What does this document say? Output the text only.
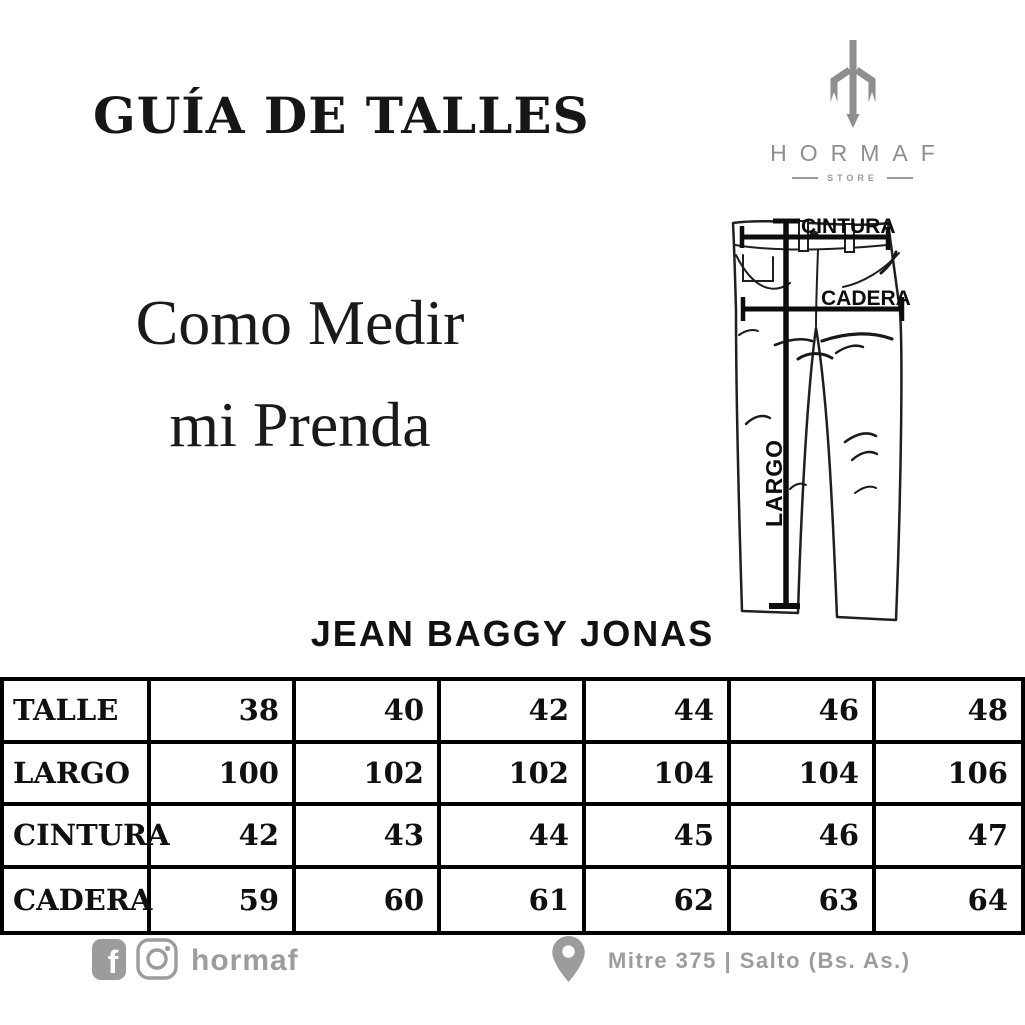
GUÍA DE TALLES
HORMAF
STORE
Como Medir
mi Prenda
CINTURA
CADERA
LARGO
JEAN BAGGY JONAS
TALLE	38	40	42	44	46	48
LARGO	100	102	102	104	104	106
CINTURA	42	43	44	45	46	47
CADERA	59	60	61	62	63	64
f hormaf	Mitre 375 | Salto (Bs. As.)
